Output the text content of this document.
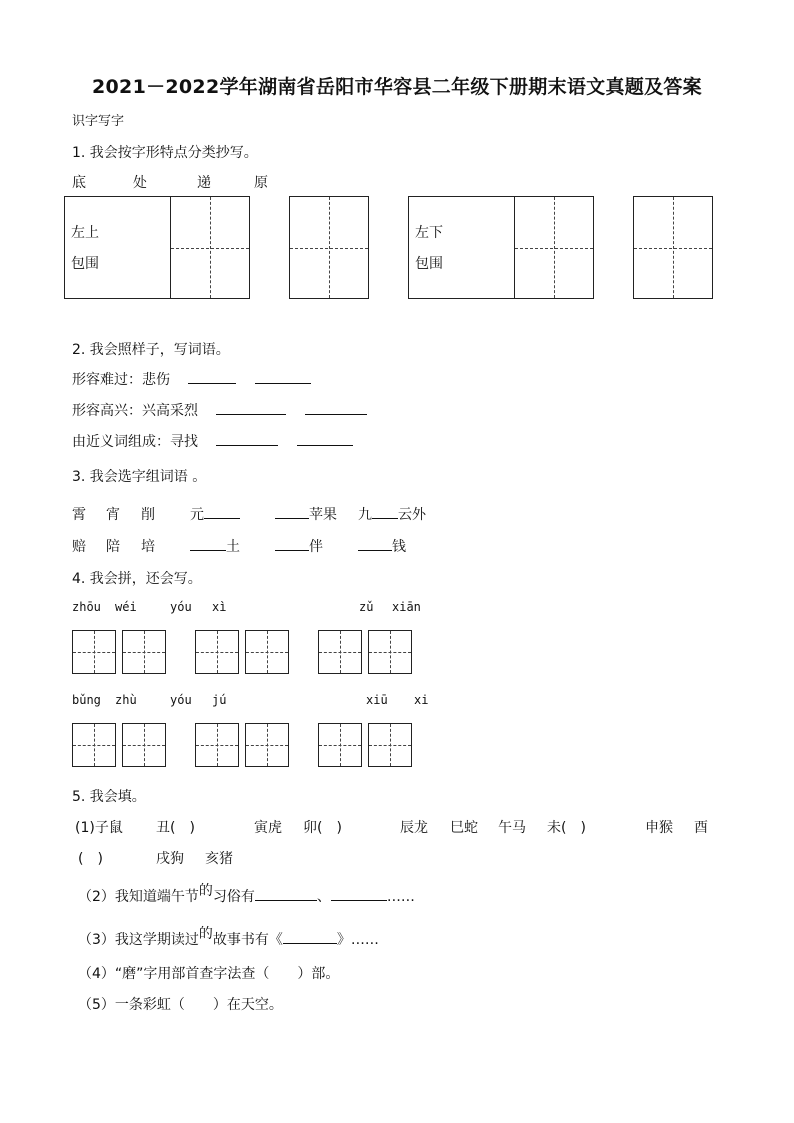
2021－2022学年湖南省岳阳市华容县二年级下册期末语文真题及答案
识字写字
1. 我会按字形特点分类抄写。
底	处	递	原
左上
包围
左下
包围
2. 我会照样子，写词语。
形容难过：悲伤
形容高兴：兴高采烈
由近义词组成：寻找
3. 我会选字组词语 。
霄 宵 削	元	苹果 九 云外
赔 陪 培	土	伴	钱
4. 我会拼，还会写。
zhōu wéi	yóu xì	zǔ xiān
bǔng zhù	yóu jú	xiū xi
5. 我会填。
(1)子鼠 丑(　)	寅虎 卯(　)	辰龙 巳蛇 午马 未(　)	申猴 酉
(　)	戌狗 亥猪
（2）我知道端午节的习俗有	、	……
（3）我这学期读过的故事书有《	》……
（4）“磨”字用部首查字法查（　　）部。
（5）一条彩虹（　　）在天空。
